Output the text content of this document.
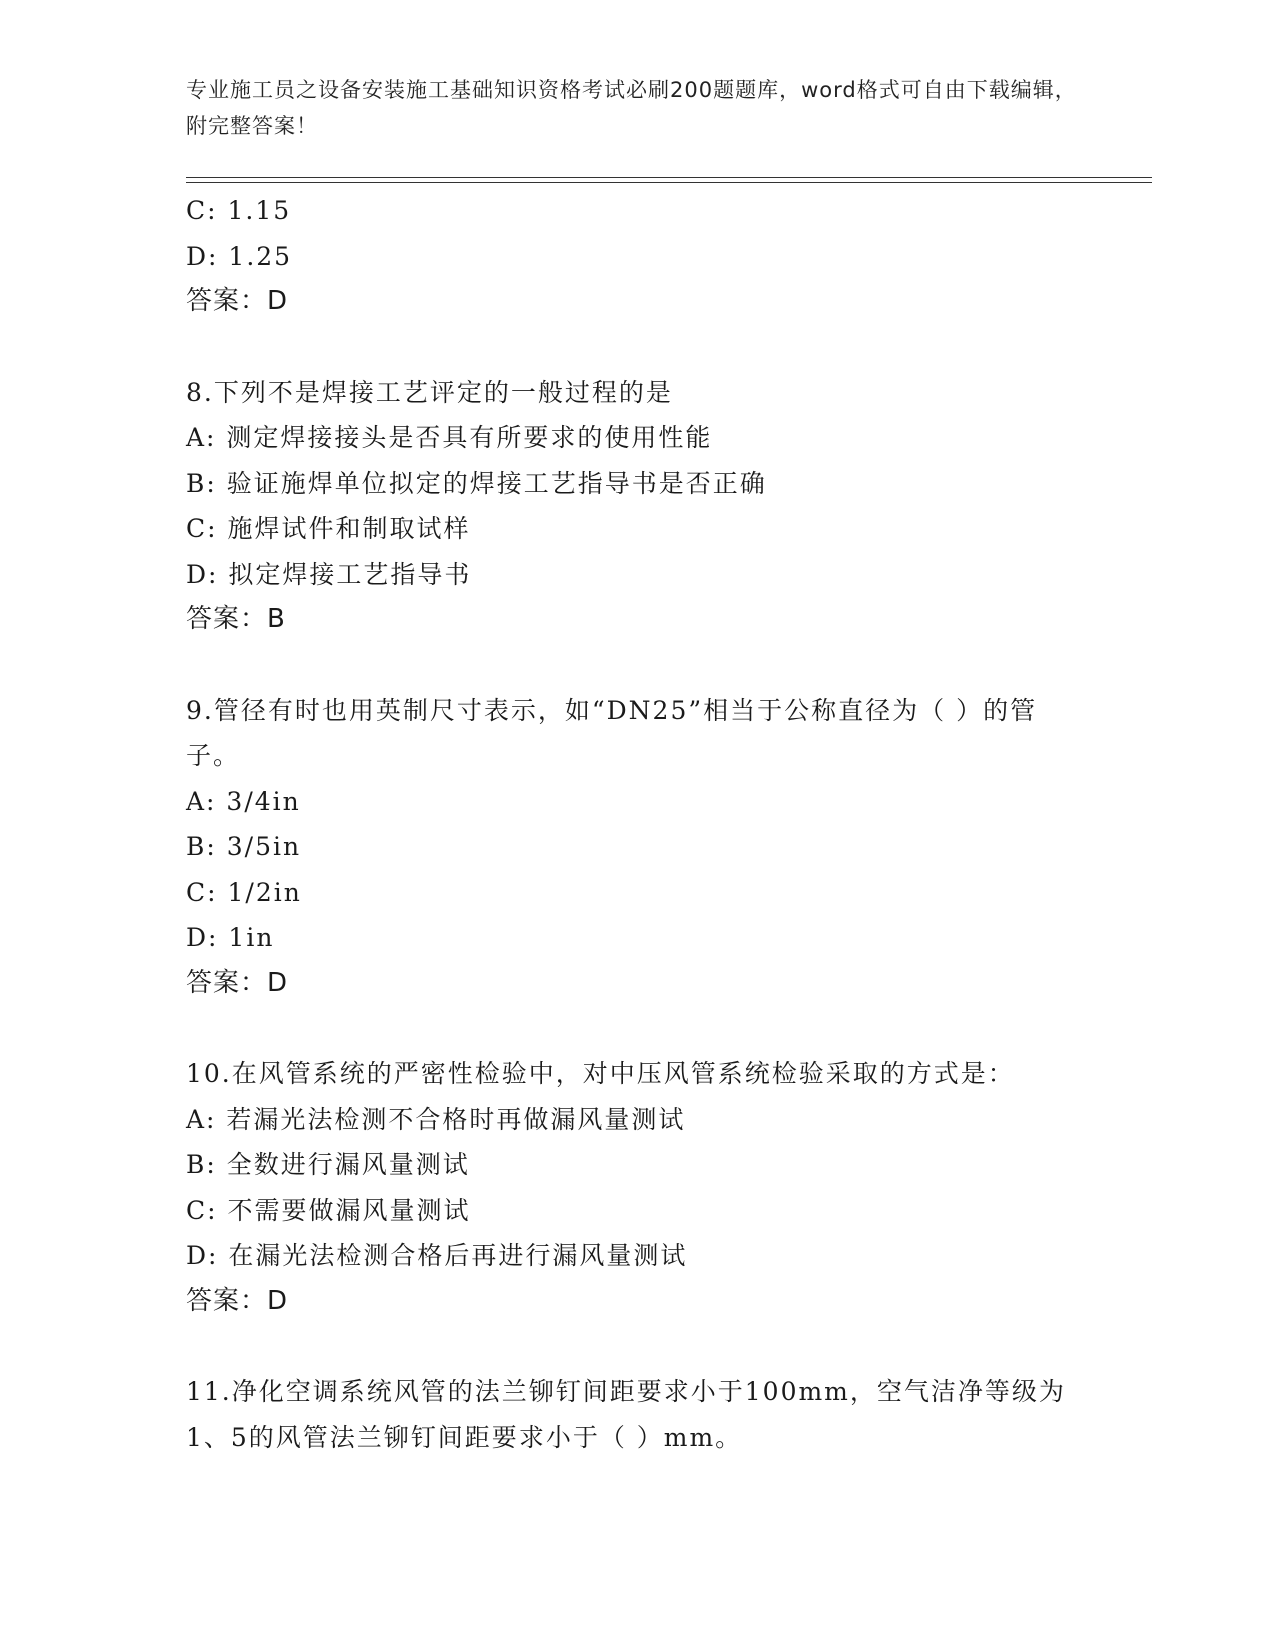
专业施工员之设备安装施工基础知识资格考试必刷200题题库，word格式可自由下载编辑，附完整答案！
C: 1.15
D: 1.25
答案：D
8.下列不是焊接工艺评定的一般过程的是
A: 测定焊接接头是否具有所要求的使用性能
B: 验证施焊单位拟定的焊接工艺指导书是否正确
C: 施焊试件和制取试样
D: 拟定焊接工艺指导书
答案：B
9.管径有时也用英制尺寸表示，如“DN25”相当于公称直径为（ ）的管子。
A: 3/4in
B: 3/5in
C: 1/2in
D: 1in
答案：D
10.在风管系统的严密性检验中，对中压风管系统检验采取的方式是：
A: 若漏光法检测不合格时再做漏风量测试
B: 全数进行漏风量测试
C: 不需要做漏风量测试
D: 在漏光法检测合格后再进行漏风量测试
答案：D
11.净化空调系统风管的法兰铆钉间距要求小于100mm，空气洁净等级为1、5的风管法兰铆钉间距要求小于（ ）mm。
